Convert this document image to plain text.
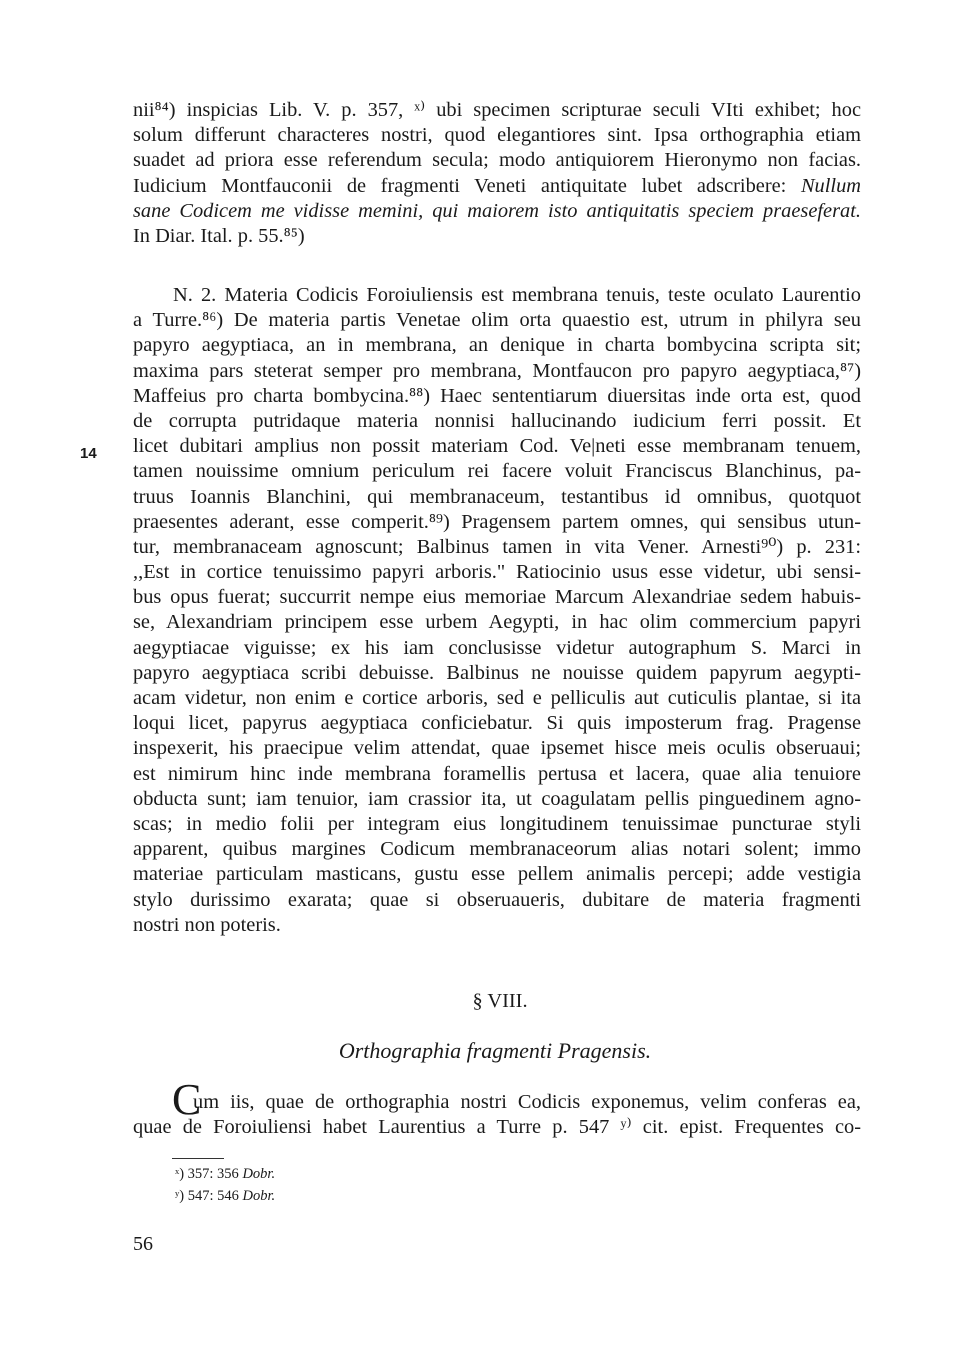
nii⁸⁴) inspicias Lib. V. p. 357, ˣ⁾ ubi specimen scripturae seculi VIti exhibet; hoc
solum differunt characteres nostri, quod elegantiores sint. Ipsa orthographia etiam
suadet ad priora esse referendum secula; modo antiquiorem Hieronymo non facias.
Iudicium Montfauconii de fragmenti Veneti antiquitate lubet adscribere: Nullum
sane Codicem me vidisse memini, qui maiorem isto antiquitatis speciem praeseferat.
In Diar. Ital. p. 55.⁸⁵)
N. 2. Materia Codicis Foroiuliensis est membrana tenuis, teste oculato Laurentio
a Turre.⁸⁶) De materia partis Venetae olim orta quaestio est, utrum in philyra seu
papyro aegyptiaca, an in membrana, an denique in charta bombycina scripta sit;
maxima pars steterat semper pro membrana, Montfaucon pro papyro aegyptiaca,⁸⁷)
Maffeius pro charta bombycina.⁸⁸) Haec sententiarum diuersitas inde orta est, quod
de corrupta putridaque materia nonnisi hallucinando iudicium ferri possit. Et
licet dubitari amplius non possit materiam Cod. Ve|neti esse membranam tenuem,
tamen nouissime omnium periculum rei facere voluit Franciscus Blanchinus, pa-
truus Ioannis Blanchini, qui membranaceum, testantibus id omnibus, quotquot
praesentes aderant, esse comperit.⁸⁹) Pragensem partem omnes, qui sensibus utun-
tur, membranaceam agnoscunt; Balbinus tamen in vita Vener. Arnesti⁹⁰) p. 231:
,,Est in cortice tenuissimo papyri arboris." Ratiocinio usus esse videtur, ubi sensi-
bus opus fuerat; succurrit nempe eius memoriae Marcum Alexandriae sedem habuis-
se, Alexandriam principem esse urbem Aegypti, in hac olim commercium papyri
aegyptiacae viguisse; ex his iam conclusisse videtur autographum S. Marci in
papyro aegyptiaca scribi debuisse. Balbinus ne nouisse quidem papyrum aegypti-
acam videtur, non enim e cortice arboris, sed e pelliculis aut cuticulis plantae, si ita
loqui licet, papyrus aegyptiaca conficiebatur. Si quis imposterum frag. Pragense
inspexerit, his praecipue velim attendat, quae ipsemet hisce meis oculis obseruaui;
est nimirum hinc inde membrana foramellis pertusa et lacera, quae alia tenuiore
obducta sunt; iam tenuior, iam crassior ita, ut coagulatam pellis pinguedinem agno-
scas; in medio folii per integram eius longitudinem tenuissimae puncturae styli
apparent, quibus margines Codicum membranaceorum alias notari solent; immo
materiae particulam masticans, gustu esse pellem animalis percepi; adde vestigia
stylo durissimo exarata; quae si obseruaueris, dubitare de materia fragmenti
nostri non poteris.
14
§ VIII.
Orthographia fragmenti Pragensis.
C
um iis, quae de orthographia nostri Codicis exponemus, velim conferas ea,
quae de Foroiuliensi habet Laurentius a Turre p. 547 ʸ⁾ cit. epist. Frequentes co-
ˣ) 357: 356 Dobr.
ʸ) 547: 546 Dobr.
56
